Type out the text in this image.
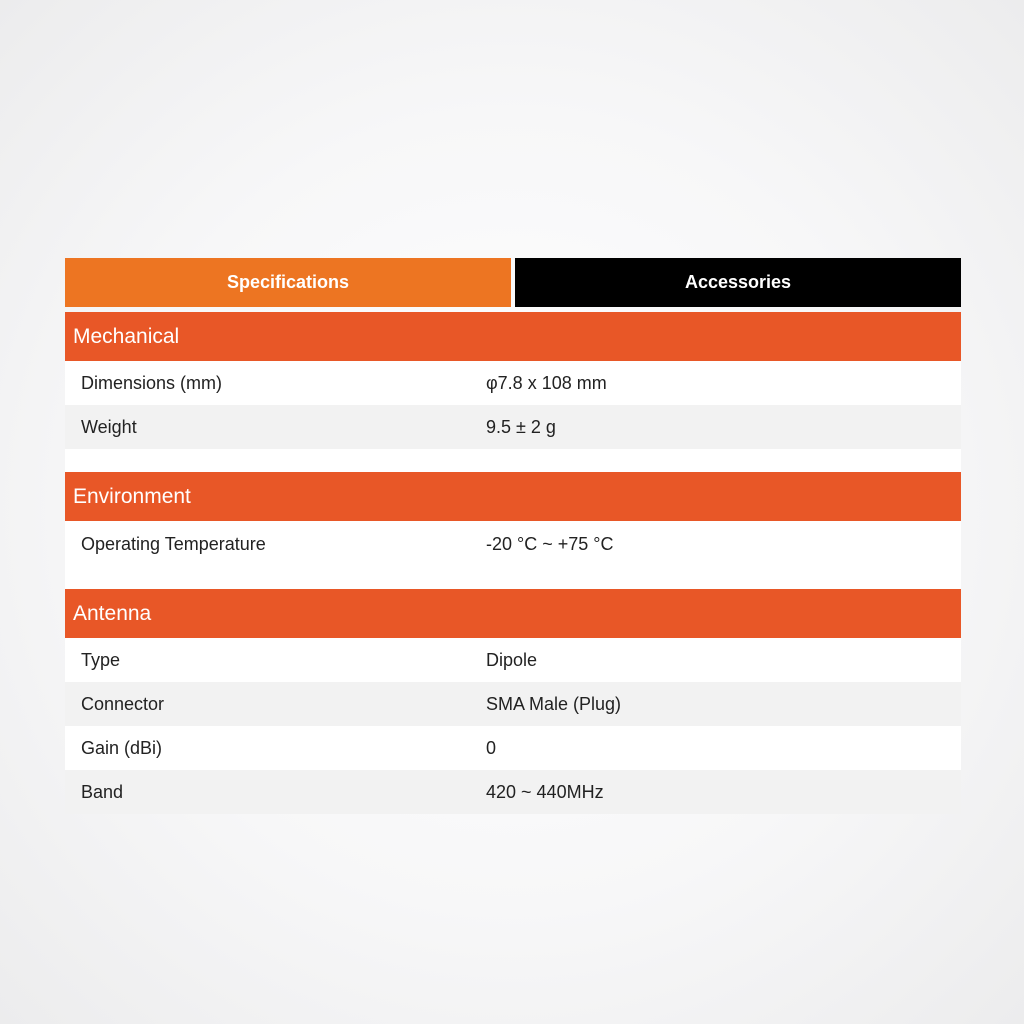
Specifications	Accessories
Mechanical
Dimensions (mm)	φ7.8 x 108 mm
Weight	9.5 ± 2 g
Environment
Operating Temperature	-20 °C ~ +75 °C
Antenna
Type	Dipole
Connector	SMA Male (Plug)
Gain (dBi)	0
Band	420 ~ 440MHz
